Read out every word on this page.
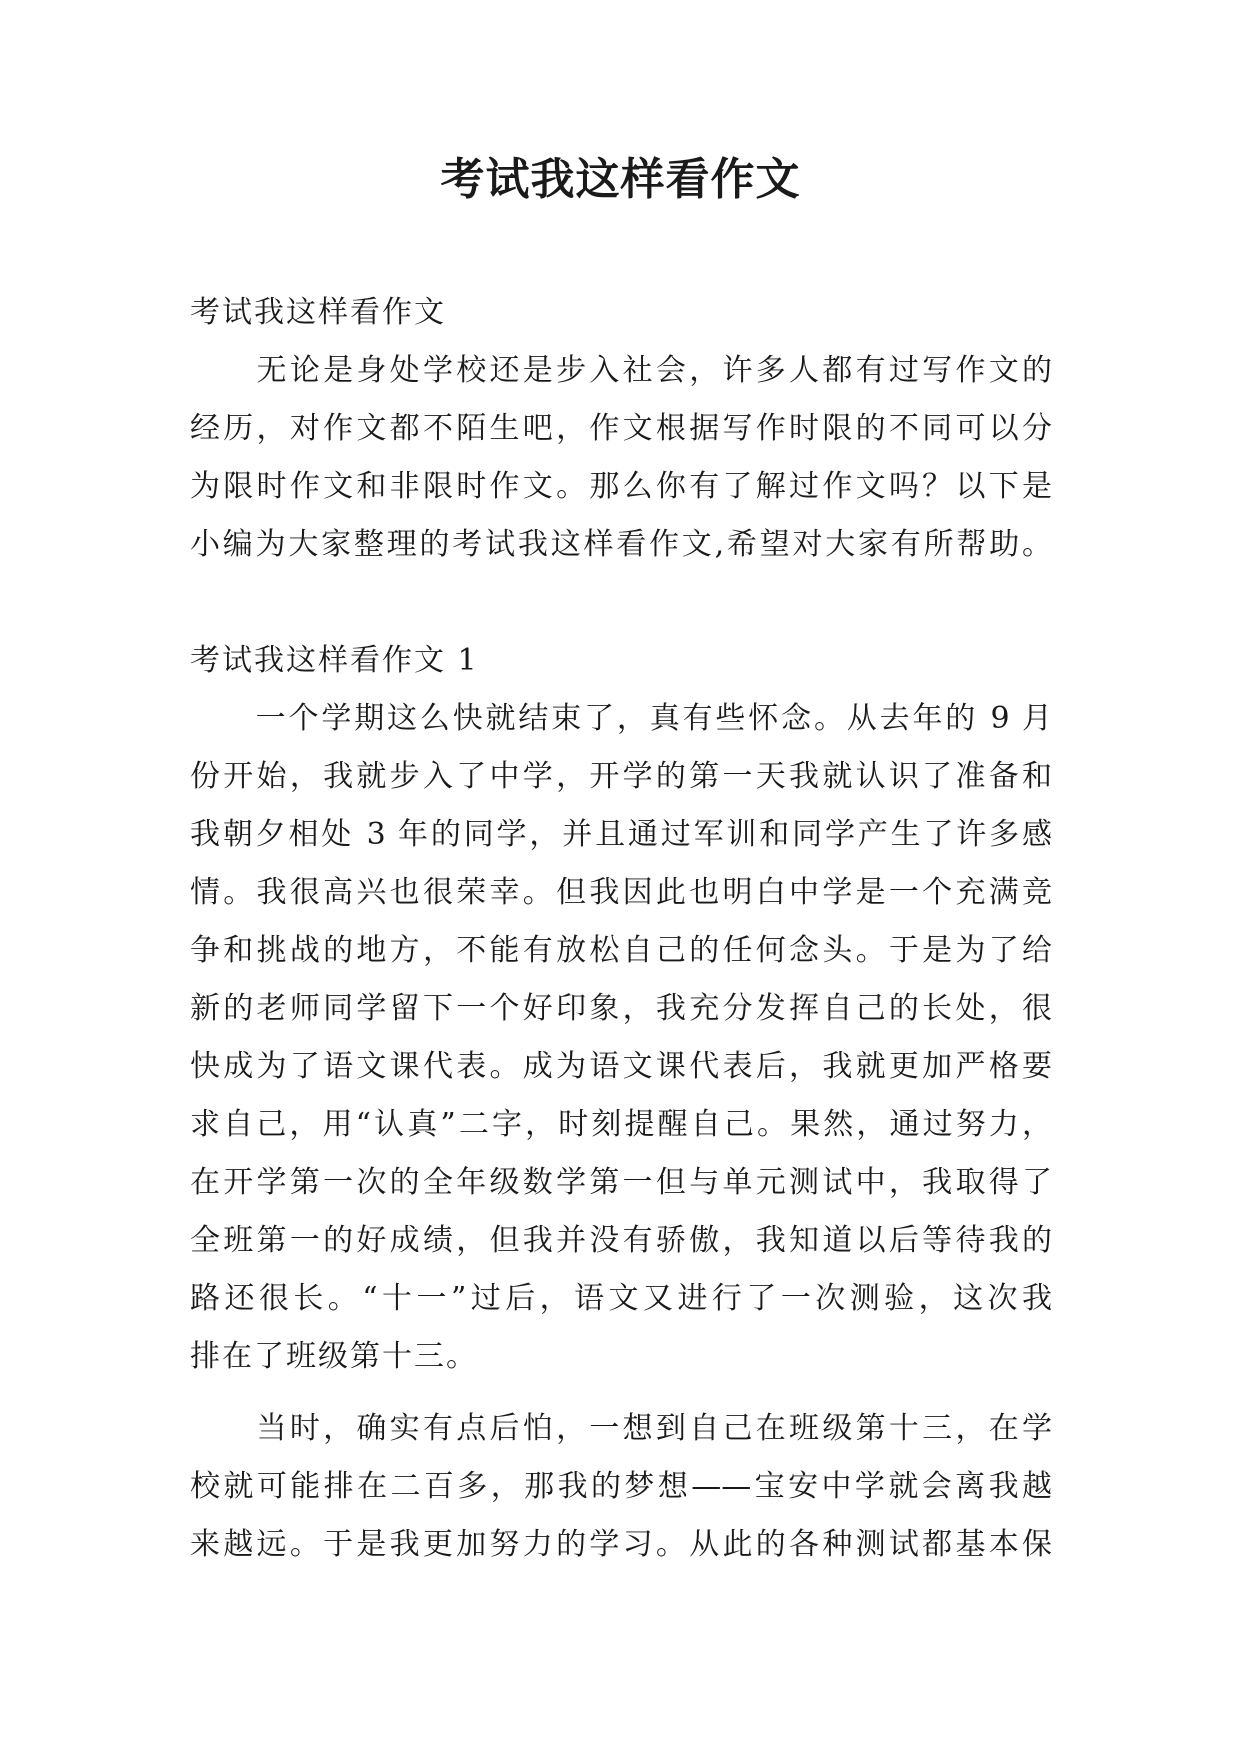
考试我这样看作文
考试我这样看作文
　　无论是身处学校还是步入社会，许多人都有过写作文的
经历，对作文都不陌生吧，作文根据写作时限的不同可以分
为限时作文和非限时作文。那么你有了解过作文吗？以下是
小编为大家整理的考试我这样看作文,希望对大家有所帮助。
考试我这样看作文 1
　　一个学期这么快就结束了，真有些怀念。从去年的 9 月
份开始，我就步入了中学，开学的第一天我就认识了准备和
我朝夕相处 3 年的同学，并且通过军训和同学产生了许多感
情。我很高兴也很荣幸。但我因此也明白中学是一个充满竞
争和挑战的地方，不能有放松自己的任何念头。于是为了给
新的老师同学留下一个好印象，我充分发挥自己的长处，很
快成为了语文课代表。成为语文课代表后，我就更加严格要
求自己，用“认真”二字，时刻提醒自己。果然，通过努力，
在开学第一次的全年级数学第一但与单元测试中，我取得了
全班第一的好成绩，但我并没有骄傲，我知道以后等待我的
路还很长。“十一”过后，语文又进行了一次测验，这次我
排在了班级第十三。
　　当时，确实有点后怕，一想到自己在班级第十三，在学
校就可能排在二百多，那我的梦想——宝安中学就会离我越
来越远。于是我更加努力的学习。从此的各种测试都基本保
